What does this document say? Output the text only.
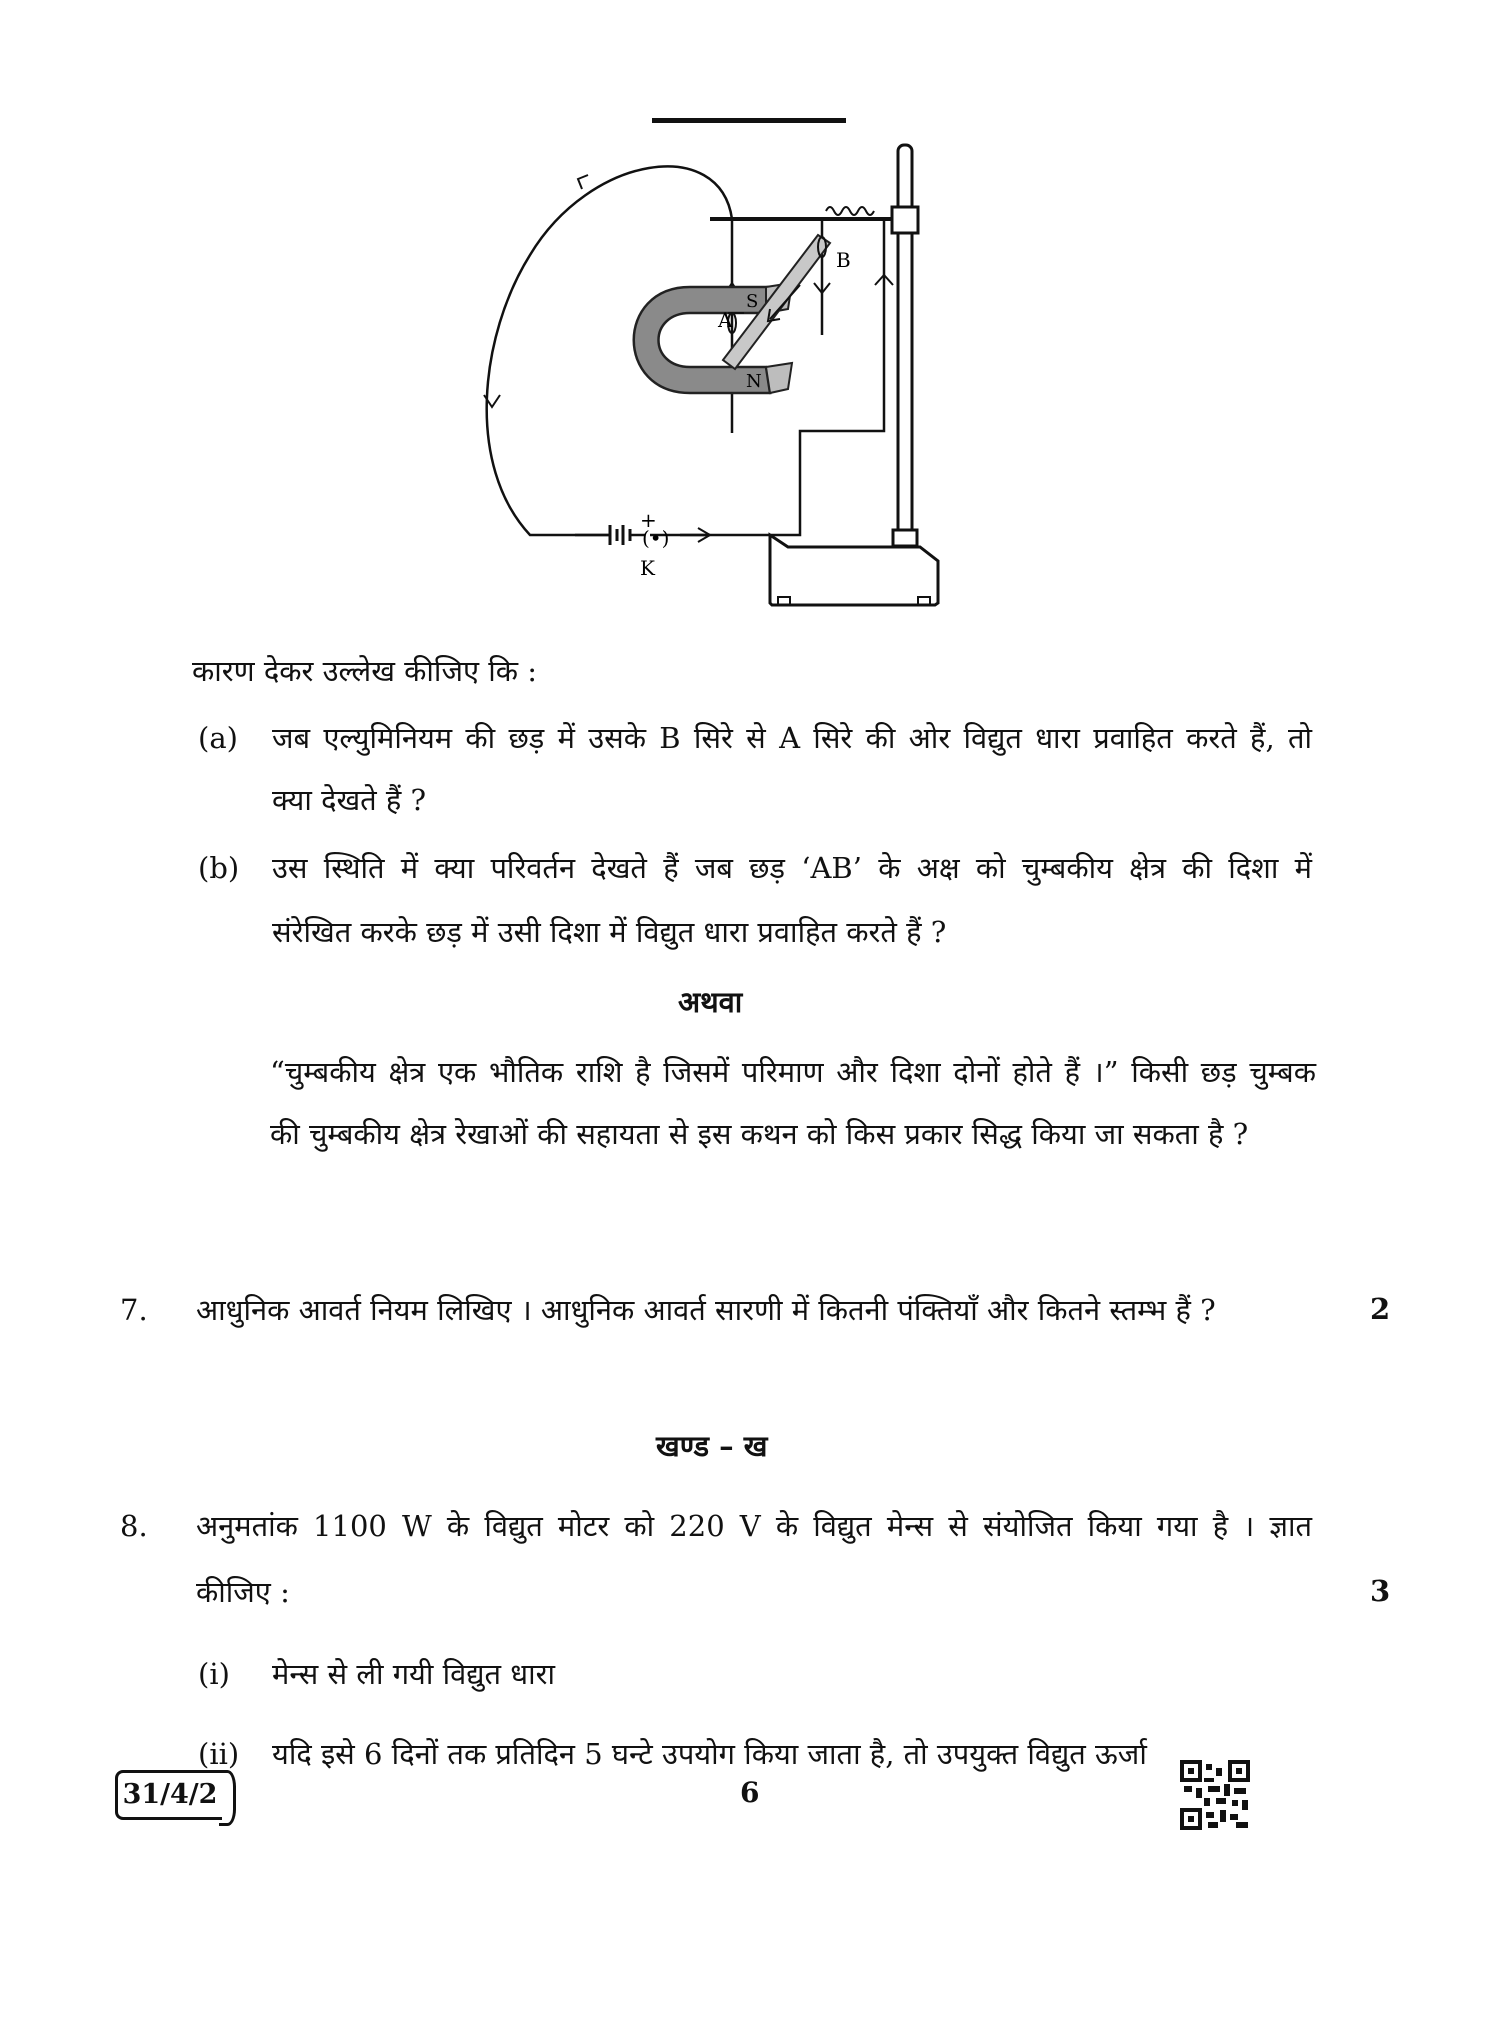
+
(•)
K
S
N
A
B
कारण देकर उल्लेख कीजिए कि :
(a) जब एल्युमिनियम की छड़ में उसके B सिरे से A सिरे की ओर विद्युत धारा प्रवाहित करते हैं, तो
क्या देखते हैं ?
(b) उस स्थिति में क्या परिवर्तन देखते हैं जब छड़ ‘AB’ के अक्ष को चुम्बकीय क्षेत्र की दिशा में
संरेखित करके छड़ में उसी दिशा में विद्युत धारा प्रवाहित करते हैं ?
अथवा
“चुम्बकीय क्षेत्र एक भौतिक राशि है जिसमें परिमाण और दिशा दोनों होते हैं ।” किसी छड़ चुम्बक
की चुम्बकीय क्षेत्र रेखाओं की सहायता से इस कथन को किस प्रकार सिद्ध किया जा सकता है ?
7. आधुनिक आवर्त नियम लिखिए । आधुनिक आवर्त सारणी में कितनी पंक्तियाँ और कितने स्तम्भ हैं ?	2
खण्ड – ख
8. अनुमतांक 1100 W के विद्युत मोटर को 220 V के विद्युत मेन्स से संयोजित किया गया है । ज्ञात
कीजिए :	3
(i) मेन्स से ली गयी विद्युत धारा
(ii) यदि इसे 6 दिनों तक प्रतिदिन 5 घन्टे उपयोग किया जाता है, तो उपयुक्त विद्युत ऊर्जा
31/4/2	6
